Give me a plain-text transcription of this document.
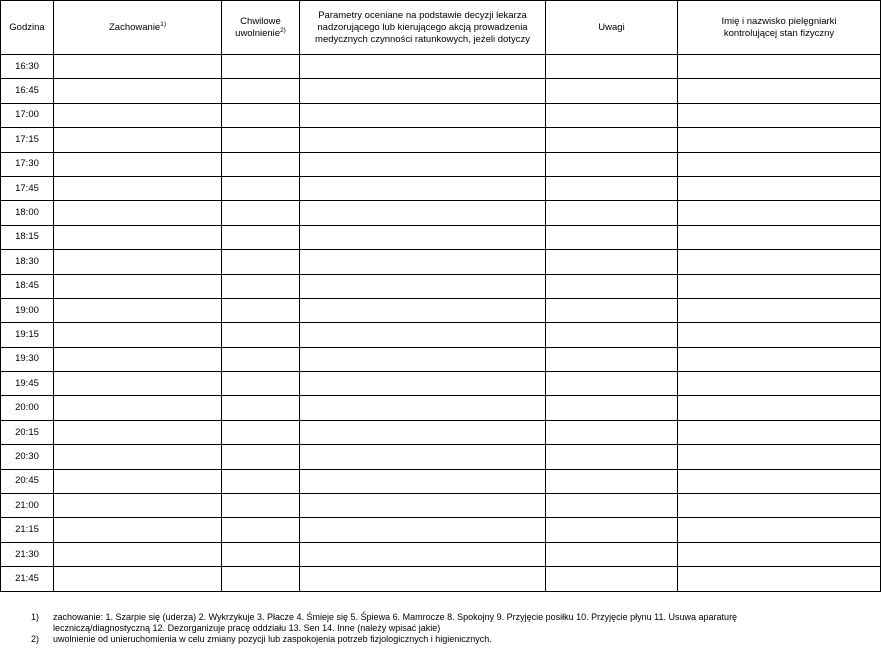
Godzina	Zachowanie$^{1)}$	Chwilowe
uwolnienie$^{2)}$	Parametry oceniane na podstawie decyzji lekarza
nadzorującego lub kierującego akcją prowadzenia
medycznych czynności ratunkowych, jeżeli dotyczy	Uwagi	Imię i nazwisko pielęgniarki
kontrolującej stan fizyczny
16:30					
16:45					
17:00					
17:15					
17:30					
17:45					
18:00					
18:15					
18:30					
18:45					
19:00					
19:15					
19:30					
19:45					
20:00					
20:15					
20:30					
20:45					
21:00					
21:15					
21:30					
21:45					
1) zachowanie: 1. Szarpie się (uderza) 2. Wykrzykuje 3. Płacze 4. Śmieje się 5. Śpiewa 6. Mamrocze 8. Spokojny 9. Przyjęcie posiłku 10. Przyjęcie płynu 11. Usuwa aparaturę
leczniczą/diagnostyczną 12. Dezorganizuje pracę oddziału 13. Sen 14. Inne (należy wpisać jakie)
2) uwolnienie od unieruchomienia w celu zmiany pozycji lub zaspokojenia potrzeb fizjologicznych i higienicznych.
